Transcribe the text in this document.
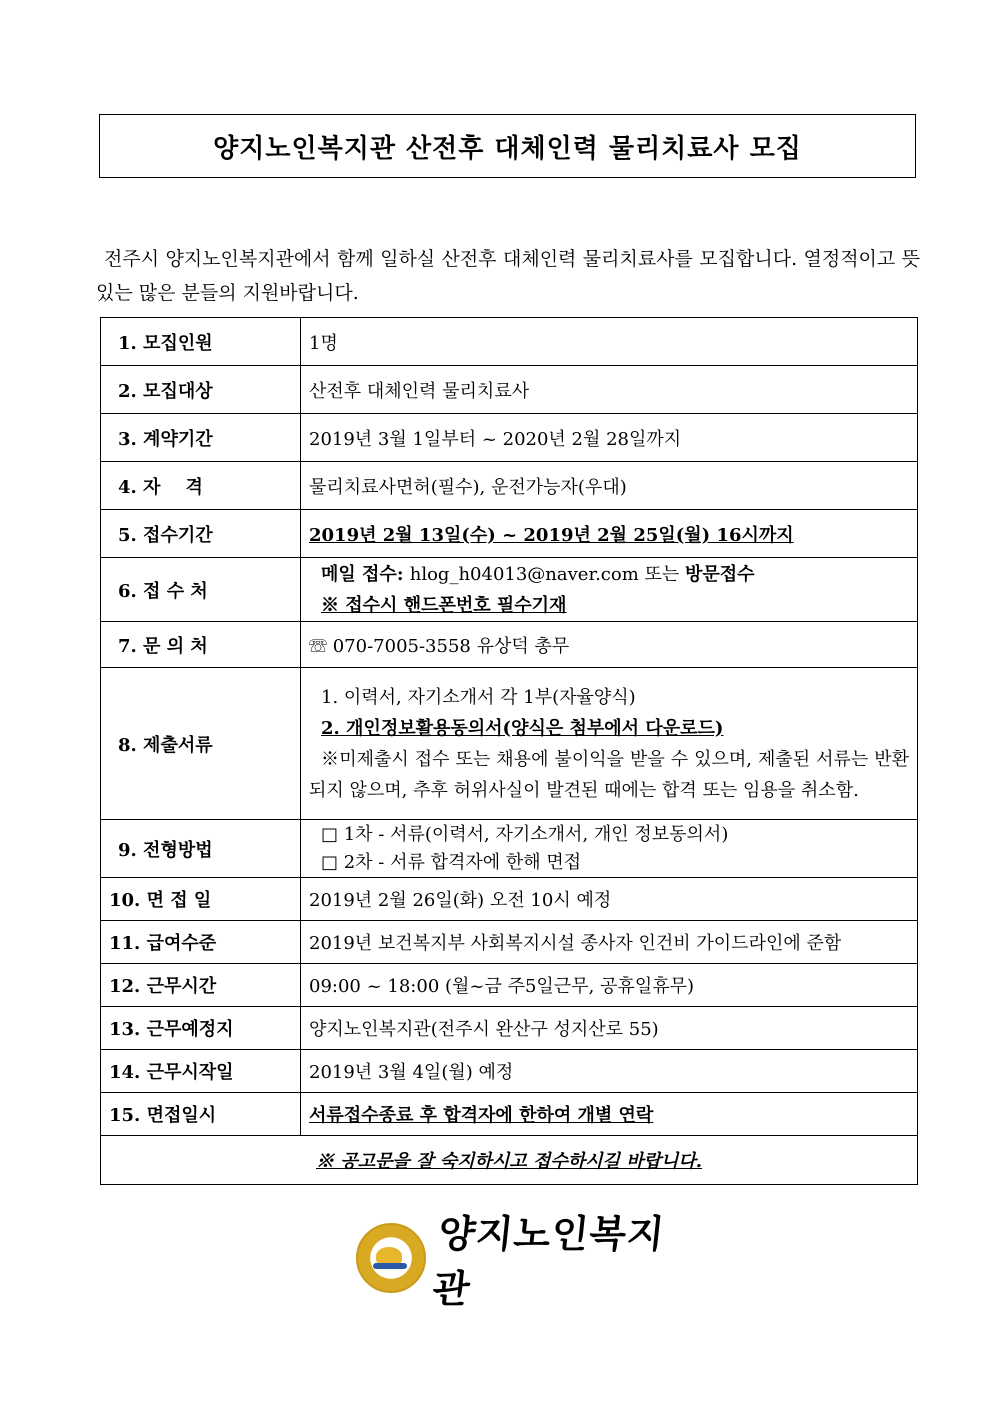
양지노인복지관 산전후 대체인력 물리치료사 모집
전주시 양지노인복지관에서 함께 일하실 산전후 대체인력 물리치료사를 모집합니다. 열정적이고 뜻있는 많은 분들의 지원바랍니다.
1. 모집인원	1명
2. 모집대상	산전후 대체인력 물리치료사
3. 계약기간	2019년 3월 1일부터 ~ 2020년 2월 28일까지
4. 자    격	물리치료사면허(필수), 운전가능자(우대)
5. 접수기간	2019년 2월 13일(수) ~ 2019년 2월 25일(월) 16시까지
6. 접 수 처	메일 접수: hlog_h04013@naver.com 또는 방문접수
※ 접수시 핸드폰번호 필수기재

7. 문 의 처	☏ 070-7005-3558 유상덕 총무
8. 제출서류	1. 이력서, 자기소개서 각 1부(자율양식)
2. 개인정보활용동의서(양식은 첨부에서 다운로드)
※미제출시 접수 또는 채용에 불이익을 받을 수 있으며, 제출된 서류는 반환되지 않으며, 추후 허위사실이 발견된 때에는 합격 또는 임용을 취소함.

9. 전형방법	□ 1차 - 서류(이력서, 자기소개서, 개인 정보동의서)
□ 2차 - 서류 합격자에 한해 면접

10. 면 접 일	2019년 2월 26일(화) 오전 10시 예정
11. 급여수준	2019년 보건복지부 사회복지시설 종사자 인건비 가이드라인에 준함
12. 근무시간	09:00 ~ 18:00 (월~금 주5일근무, 공휴일휴무)
13. 근무예정지	양지노인복지관(전주시 완산구 성지산로 55)
14. 근무시작일	2019년 3월 4일(월) 예정
15. 면접일시	서류접수종료 후 합격자에 한하여 개별 연락
※ 공고문을 잘 숙지하시고 접수하시길 바랍니다.	
양지노인복지관
